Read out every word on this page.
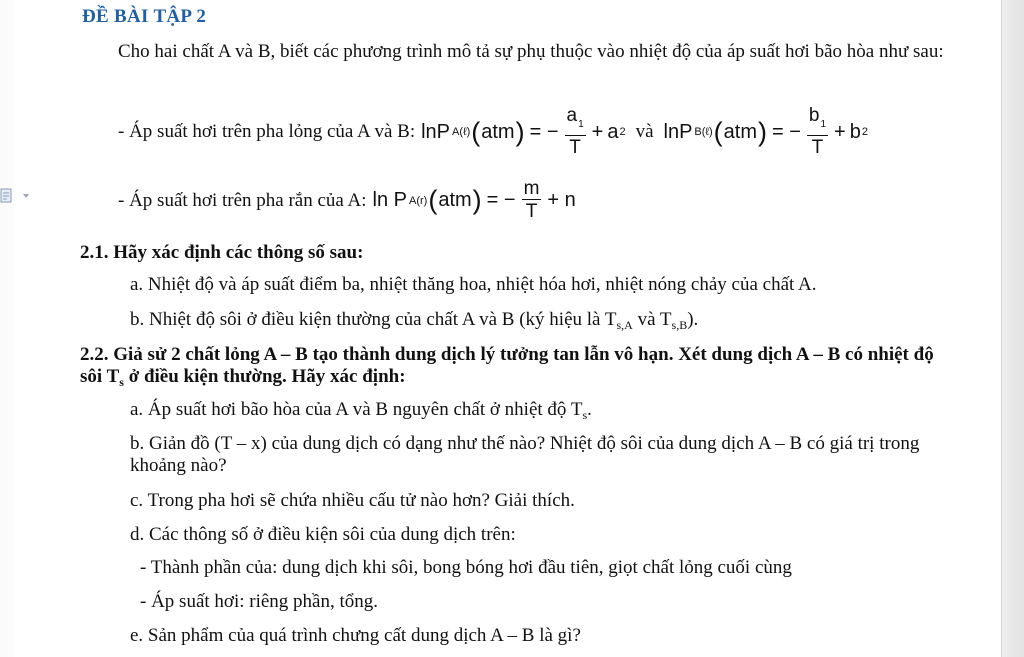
ĐỀ BÀI TẬP 2

Cho hai chất A và B, biết các phương trình mô tả sự phụ thuộc vào nhiệt độ của áp suất hơi bão hòa như sau:

- Áp suất hơi trên pha lỏng của A và B: lnP A(ℓ) ( atm ) = − $\frac{a_1}{T} + a$ 2 và lnP B(ℓ) ( atm ) = − $\frac{b_1}{T} + b$ 2
- Áp suất hơi trên pha rắn của A: ln P A(r) ( atm ) = − $\frac{m}{T} + n$

2.1. Hãy xác định các thông số sau:

a. Nhiệt độ và áp suất điểm ba, nhiệt thăng hoa, nhiệt hóa hơi, nhiệt nóng chảy của chất A.

b. Nhiệt độ sôi ở điều kiện thường của chất A và B (ký hiệu là $T_{s,A}$ và $T_{s,B}$).

2.2. Giả sử 2 chất lỏng A – B tạo thành dung dịch lý tưởng tan lẫn vô hạn. Xét dung dịch A – B có nhiệt độ sôi $T_s$ ở điều kiện thường. Hãy xác định:

a. Áp suất hơi bão hòa của A và B nguyên chất ở nhiệt độ $T_s$.

b. Giản đồ (T – x) của dung dịch có dạng như thế nào? Nhiệt độ sôi của dung dịch A – B có giá trị trong khoảng nào?

c. Trong pha hơi sẽ chứa nhiều cấu tử nào hơn? Giải thích.

d. Các thông số ở điều kiện sôi của dung dịch trên:

- Thành phần của: dung dịch khi sôi, bong bóng hơi đầu tiên, giọt chất lỏng cuối cùng

- Áp suất hơi: riêng phần, tổng.

e. Sản phẩm của quá trình chưng cất dung dịch A – B là gì?
